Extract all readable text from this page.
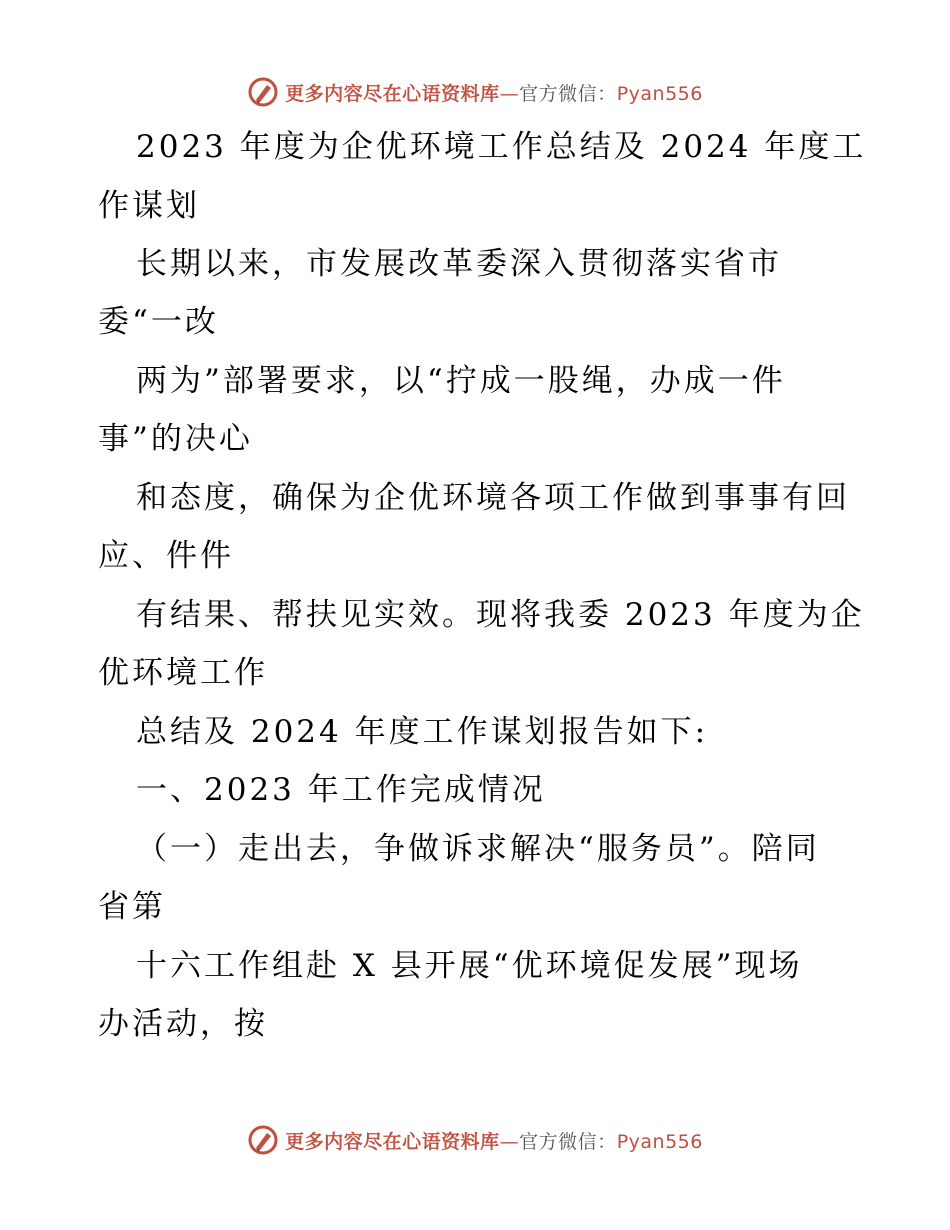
更多内容尽在心语资料库—官方微信：Pyan556
2023 年度为企优环境工作总结及 2024 年度工
作谋划
长期以来，市发展改革委深入贯彻落实省市
委“一改
两为”部署要求，以“拧成一股绳，办成一件
事”的决心
和态度，确保为企优环境各项工作做到事事有回
应、件件
有结果、帮扶见实效。现将我委 2023 年度为企
优环境工作
总结及 2024 年度工作谋划报告如下:
一、2023 年工作完成情况
（一）走出去，争做诉求解决“服务员”。陪同
省第
十六工作组赴 X 县开展“优环境促发展”现场
办活动，按
更多内容尽在心语资料库—官方微信：Pyan556
